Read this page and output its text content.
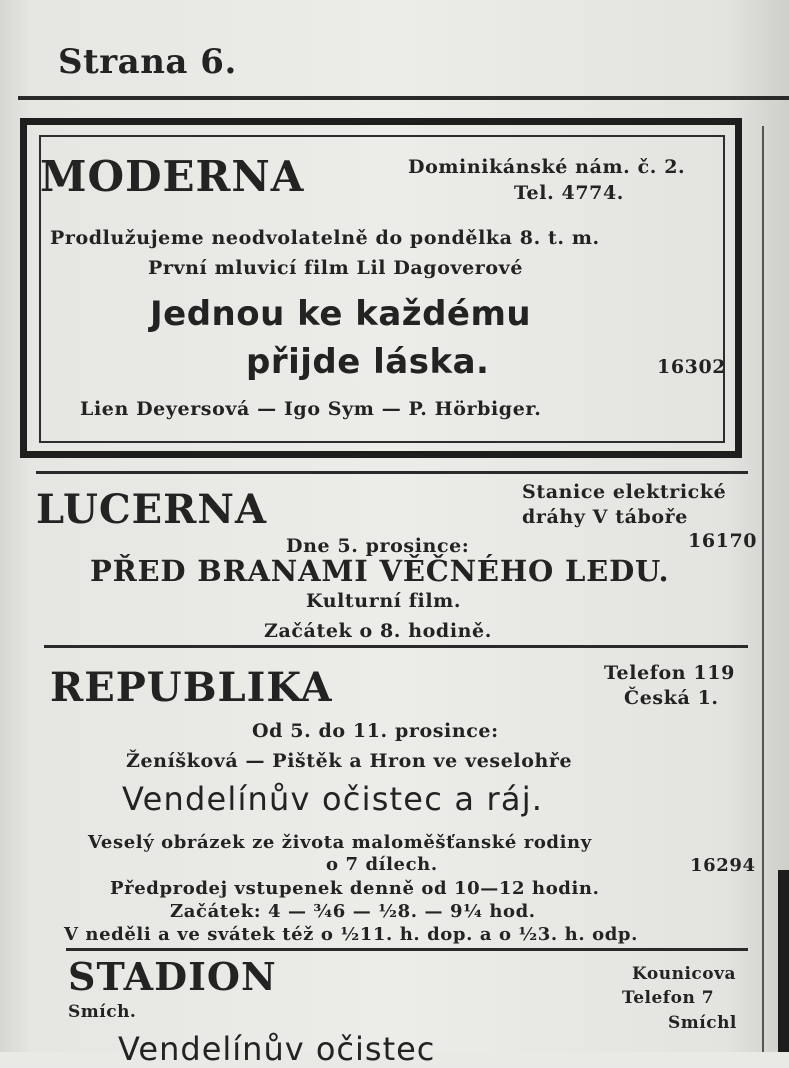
Strana 6.
MODERNA	Dominikánské nám. č. 2.
Tel. 4774.
Prodlužujeme neodvolatelně do pondělka 8. t. m.
První mluvicí film Lil Dagoverové
Jednou ke každému
přijde láska.	16302
Lien Deyersová — Igo Sym — P. Hörbiger.
LUCERNA	Stanice elektrické
dráhy V táboře
Dne 5. prosince:	16170
PŘED BRANAMI VĚČNÉHO LEDU.
Kulturní film.
Začátek o 8. hodině.
REPUBLIKA	Telefon 119
Česká 1.
Od 5. do 11. prosince:
Ženíšková — Pištěk a Hron ve veselohře
Vendelínův očistec a ráj.
Veselý obrázek ze života maloměšťanské rodiny
o 7 dílech.	16294
Předprodej vstupenek denně od 10—12 hodin.
Začátek: 4 — ¾6 — ½8. — 9¼ hod.
V neděli a ve svátek též o ½11. h. dop. a o ½3. h. odp.
STADION
Smích.
Kounicova
Telefon 7
Smíchl
Vendelínův očistec
